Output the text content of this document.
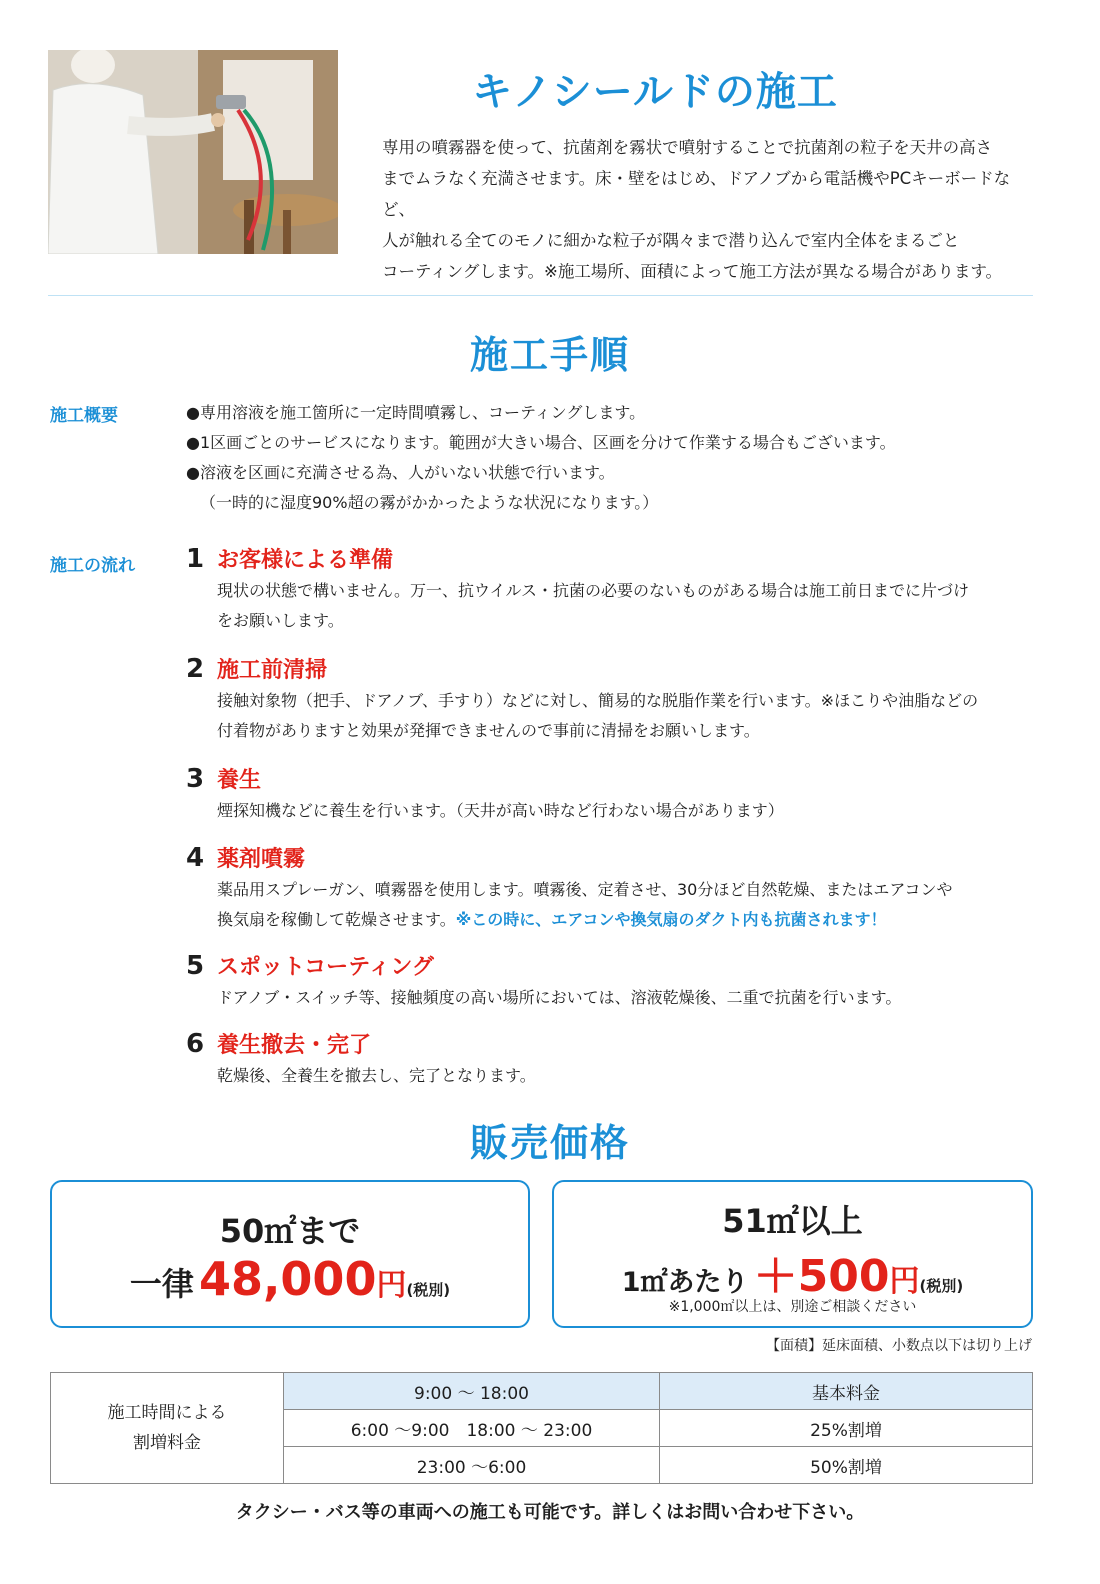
キノシールドの施工
専用の噴霧器を使って、抗菌剤を霧状で噴射することで抗菌剤の粒子を天井の高さ
までムラなく充満させます。床・壁をはじめ、ドアノブから電話機やPCキーボードなど、
人が触れる全てのモノに細かな粒子が隅々まで潜り込んで室内全体をまるごと
コーティングします。※施工場所、面積によって施工方法が異なる場合があります。
施工手順
施工概要	●専用溶液を施工箇所に一定時間噴霧し、コーティングします。
●1区画ごとのサービスになります。範囲が大きい場合、区画を分けて作業する場合もございます。
●溶液を区画に充満させる為、人がいない状態で行います。
（一時的に湿度90%超の霧がかかったような状況になります。）
施工の流れ 1 お客様による準備
現状の状態で構いません。万一、抗ウイルス・抗菌の必要のないものがある場合は施工前日までに片づけ
をお願いします。
2 施工前清掃
接触対象物（把手、ドアノブ、手すり）などに対し、簡易的な脱脂作業を行います。※ほこりや油脂などの
付着物がありますと効果が発揮できませんので事前に清掃をお願いします。
3 養生
煙探知機などに養生を行います。（天井が高い時など行わない場合があります）
4 薬剤噴霧
薬品用スプレーガン、噴霧器を使用します。噴霧後、定着させ、30分ほど自然乾燥、またはエアコンや
換気扇を稼働して乾燥させます。※この時に、エアコンや換気扇のダクト内も抗菌されます！
5 スポットコーティング
ドアノブ・スイッチ等、接触頻度の高い場所においては、溶液乾燥後、二重で抗菌を行います。
6 養生撤去・完了
乾燥後、全養生を撤去し、完了となります。
販売価格
50㎡まで
一律 48,000円(税別)
51㎡以上
1㎡あたり ＋500円(税別)
※1,000㎡以上は、別途ご相談ください
【面積】延床面積、小数点以下は切り上げ
施工時間による
割増料金	9:00 ～ 18:00	基本料金
	6:00 ～9:00　18:00 ～ 23:00	25%割増
	23:00 ～6:00	50%割増
タクシー・バス等の車両への施工も可能です。詳しくはお問い合わせ下さい。
